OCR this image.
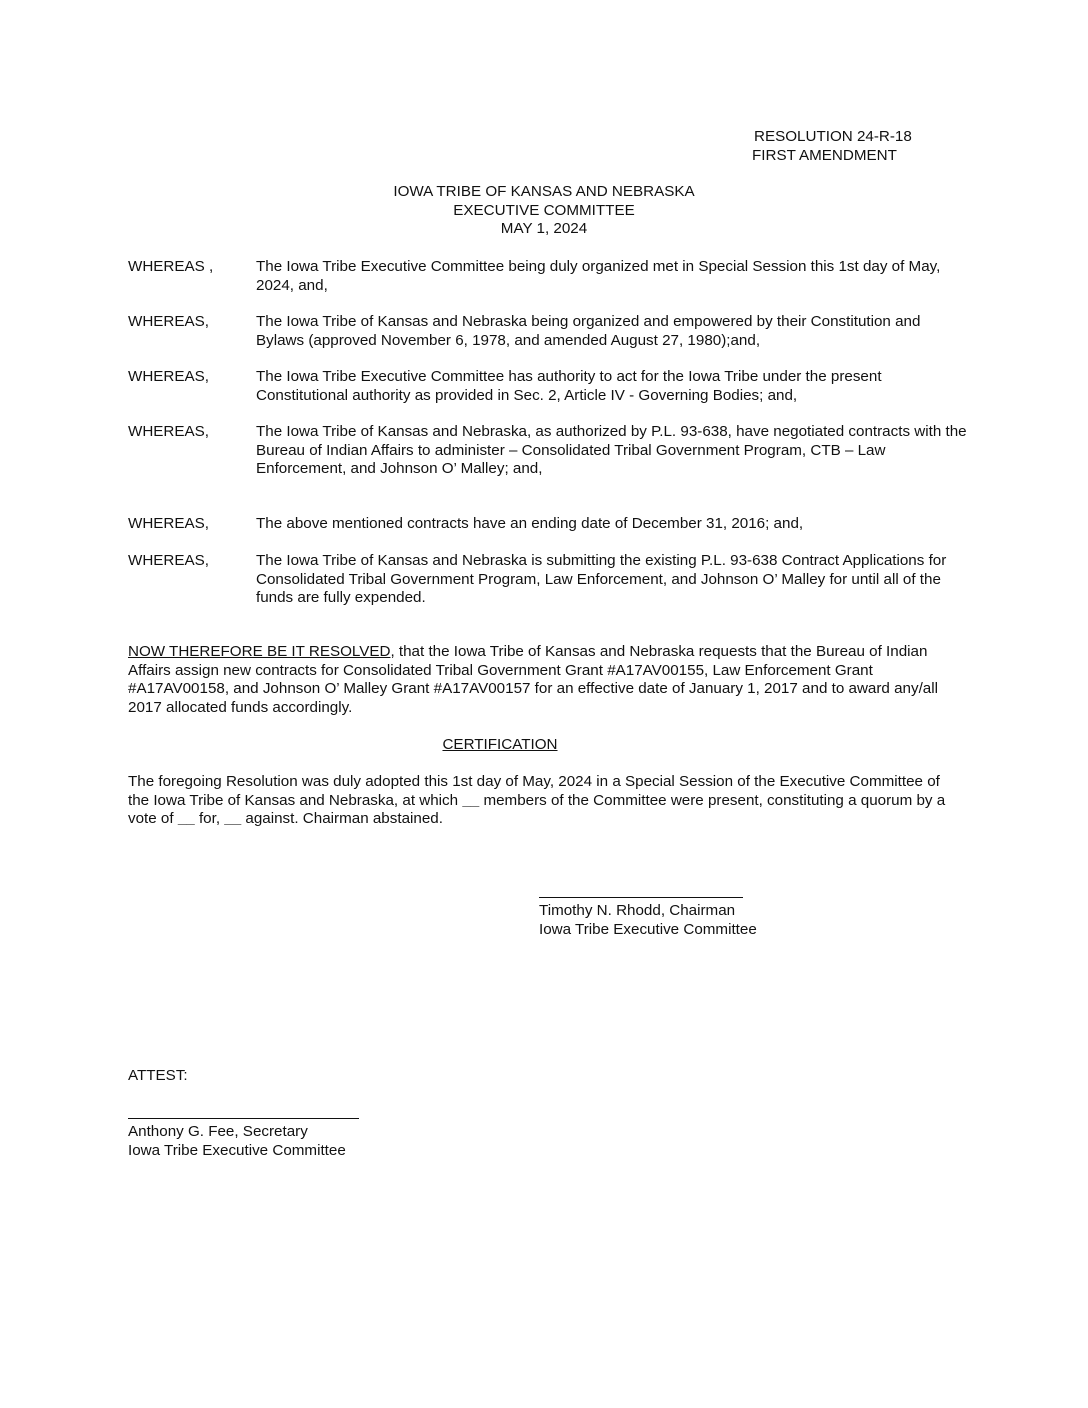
RESOLUTION 24-R-18
FIRST AMENDMENT
IOWA TRIBE OF KANSAS AND NEBRASKA
EXECUTIVE COMMITTEE
MAY 1, 2024
WHEREAS ,	The Iowa Tribe Executive Committee being duly organized met in Special Session this 1st day of May, 2024, and,
WHEREAS,	The Iowa Tribe of Kansas and Nebraska being organized and empowered by their Constitution and Bylaws (approved November 6, 1978, and amended August 27, 1980);and,
WHEREAS,	The Iowa Tribe Executive Committee has authority to act for the Iowa Tribe under the present Constitutional authority as provided in Sec. 2, Article IV - Governing Bodies; and,
WHEREAS,	The Iowa Tribe of Kansas and Nebraska, as authorized by P.L. 93-638, have negotiated contracts with the Bureau of Indian Affairs to administer – Consolidated Tribal Government Program, CTB – Law Enforcement, and Johnson O’ Malley; and,
WHEREAS,	The above mentioned contracts have an ending date of December 31, 2016; and,
WHEREAS,	The Iowa Tribe of Kansas and Nebraska is submitting the existing P.L. 93-638 Contract Applications for Consolidated Tribal Government Program, Law Enforcement, and Johnson O’ Malley for until all of the funds are fully expended.
NOW THEREFORE BE IT RESOLVED, that the Iowa Tribe of Kansas and Nebraska requests that the Bureau of Indian Affairs assign new contracts for Consolidated Tribal Government Grant #A17AV00155, Law Enforcement Grant #A17AV00158, and Johnson O’ Malley Grant #A17AV00157 for an effective date of January 1, 2017 and to award any/all 2017 allocated funds accordingly.
CERTIFICATION
The foregoing Resolution was duly adopted this 1st day of May, 2024 in a Special Session of the Executive Committee of the Iowa Tribe of Kansas and Nebraska, at which __ members of the Committee were present, constituting a quorum by a vote of __ for, __ against. Chairman abstained.
Timothy N. Rhodd, Chairman
Iowa Tribe Executive Committee
ATTEST:
Anthony G. Fee, Secretary
Iowa Tribe Executive Committee
